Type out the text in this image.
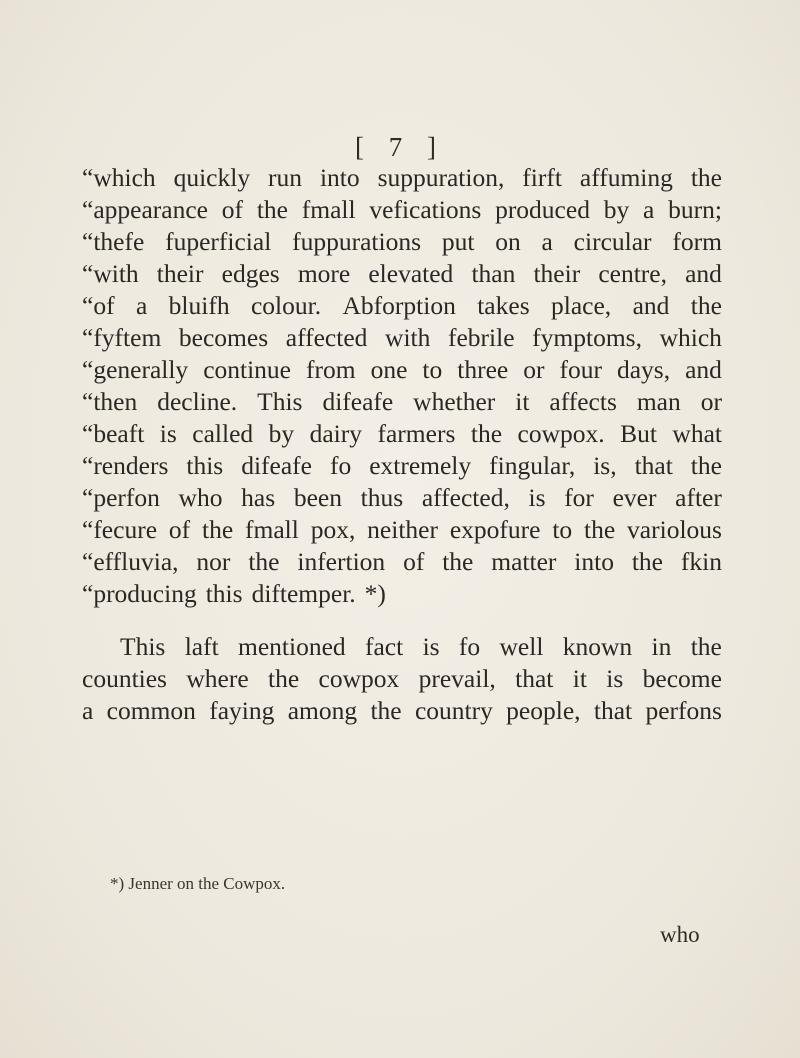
[ 7 ]
“which quickly run into suppuration, firft affuming the
“appearance of the fmall vefications produced by a burn;
“thefe fuperficial fuppurations put on a circular form
“with their edges more elevated than their centre, and
“of a bluifh colour. Abforption takes place, and the
“fyftem becomes affected with febrile fymptoms, which
“generally continue from one to three or four days, and
“then decline. This difeafe whether it affects man or
“beaft is called by dairy farmers the cowpox. But what
“renders this difeafe fo extremely fingular, is, that the
“perfon who has been thus affected, is for ever after
“fecure of the fmall pox, neither expofure to the variolous
“effluvia, nor the infertion of the matter into the fkin
“producing this diftemper. *)
This laft mentioned fact is fo well known in the
counties where the cowpox prevail, that it is become
a common faying among the country people, that perfons
*) Jenner on the Cowpox.
who
